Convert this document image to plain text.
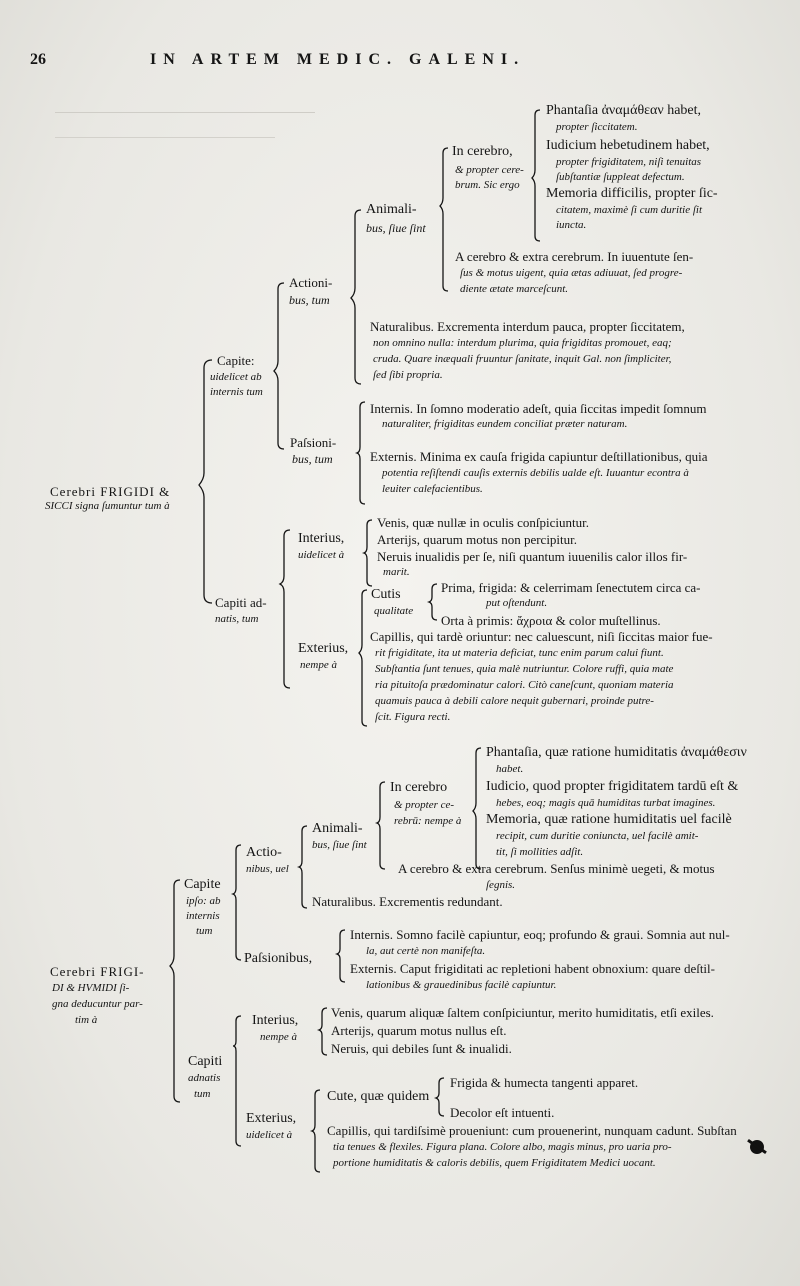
26	IN ARTEM MEDIC. GALENI.
Cerebri FRIGIDI &
SICCI signa ſumuntur tum à
Capite:
uidelicet ab
internis tum
Actioni-
bus, tum
Animali-
bus, ſiue ſint
In cerebro,
& propter cere-
brum. Sic ergo
Phantaſia ἀναμάθεαν habet,
propter ſiccitatem.
Iudicium hebetudinem habet,
propter frigiditatem, niſi tenuitas
ſubſtantiæ ſuppleat defectum.
Memoria difficilis, propter ſic-
citatem, maximè ſi cum duritie ſit
iuncta.
A cerebro & extra cerebrum. In iuuentute ſen-
ſus & motus uigent, quia ætas adiuuat, ſed progre-
diente ætate marceſcunt.
Naturalibus. Excrementa interdum pauca, propter ſiccitatem,
non omnino nulla: interdum plurima, quia frigiditas promouet, eaq;
cruda. Quare inæquali fruuntur ſanitate, inquit Gal. non ſimpliciter,
ſed ſibi propria.
Paſsioni-
bus, tum
Internis. In ſomno moderatio adeſt, quia ſiccitas impedit ſomnum
naturaliter, frigiditas eundem conciliat præter naturam.
Externis. Minima ex cauſa frigida capiuntur deſtillationibus, quia
potentia reſiſtendi cauſis externis debilis ualde eſt. Iuuantur econtra à
leuiter calefacientibus.
Capiti ad-
natis, tum
Interius,
uidelicet à
Venis, quæ nullæ in oculis conſpiciuntur.
Arterijs, quarum motus non percipitur.
Neruis inualidis per ſe, niſi quantum iuuenilis calor illos fir-
marit.
Exterius,
nempe à
Cutis
qualitate
Prima, frigida: & celerrimam ſenectutem circa ca-
put oſtendunt.
Orta à primis: ἄχροια & color muſtellinus.
Capillis, qui tardè oriuntur: nec caluescunt, niſi ſiccitas maior fue-
rit frigiditate, ita ut materia deficiat, tunc enim parum calui fiunt.
Subſtantia ſunt tenues, quia malè nutriuntur. Colore ruffi, quia mate
ria pituitoſa prædominatur calori. Citò caneſcunt, quoniam materia
quamuis pauca à debili calore nequit gubernari, proinde putre-
ſcit. Figura recti.
Cerebri FRIGI-
DI & HVMIDI ſi-
gna deducuntur par-
tim à
Capite
ipſo: ab
internis
tum
Actio-
nibus, uel
Animali-
bus, ſiue ſint
In cerebro
& propter ce-
rebrū: nempe à
Phantaſia, quæ ratione humiditatis ἀναμάθεσιν
habet.
Iudicio, quod propter frigiditatem tardū eſt &
hebes, eoq; magis quā humiditas turbat imagines.
Memoria, quæ ratione humiditatis uel facilè
recipit, cum duritie coniuncta, uel facilè amit-
tit, ſi mollities adſit.
A cerebro & extra cerebrum. Senſus minimè uegeti, & motus
ſegnis.
Naturalibus. Excrementis redundant.
Paſsionibus,
Internis. Somno facilè capiuntur, eoq; profundo & graui. Somnia aut nul-
la, aut certè non manifeſta.
Externis. Caput frigiditati ac repletioni habent obnoxium: quare deſtil-
lationibus & grauedinibus facilè capiuntur.
Capiti
adnatis
tum
Interius,
nempe à
Venis, quarum aliquæ ſaltem conſpiciuntur, merito humiditatis, etſi exiles.
Arterijs, quarum motus nullus eſt.
Neruis, qui debiles ſunt & inualidi.
Exterius,
uidelicet à
Cute, quæ quidem
Frigida & humecta tangenti apparet.
Decolor eſt intuenti.
Capillis, qui tardiſsimè proueniunt: cum prouenerint, nunquam cadunt. Subſtan
tia tenues & flexiles. Figura plana. Colore albo, magis minus, pro uaria pro-
portione humiditatis & caloris debilis, quem Frigiditatem Medici uocant.
